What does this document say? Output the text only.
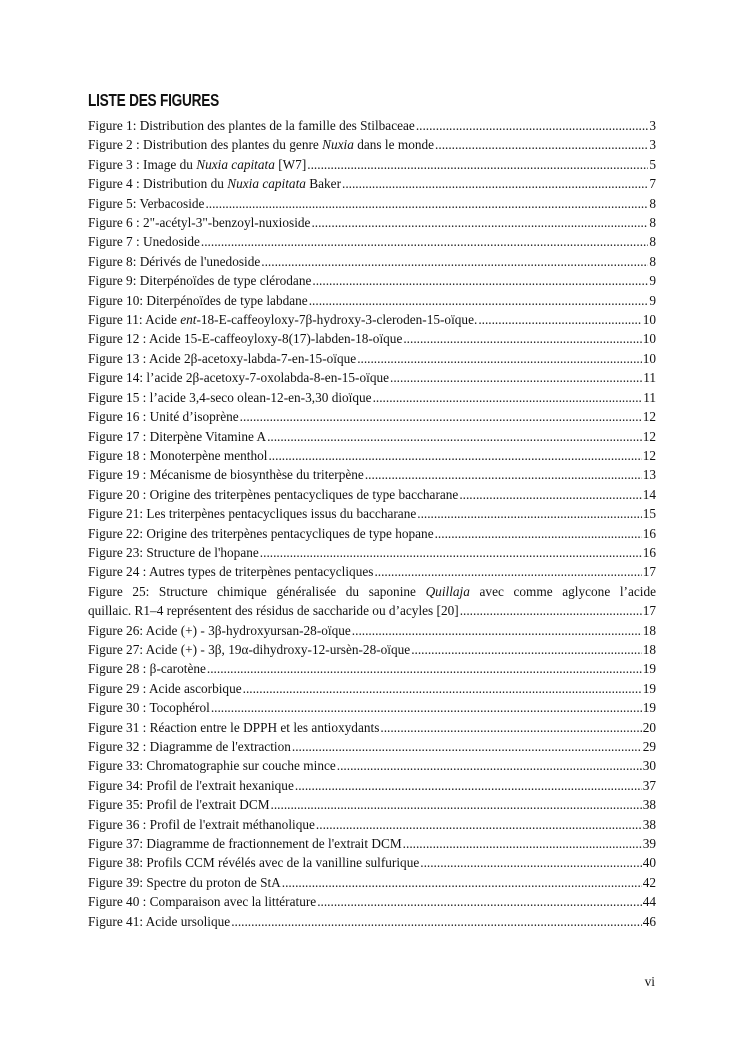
LISTE DES FIGURES
Figure 1: Distribution des plantes de la famille des Stilbaceae .....	3
Figure 2 : Distribution des plantes du genre Nuxia dans le monde .....	3
Figure 3 : Image du Nuxia capitata [W7] .....	5
Figure 4 : Distribution du Nuxia capitata Baker .....	7
Figure 5: Verbacoside .....	8
Figure 6 : 2"-acétyl-3"-benzoyl-nuxioside .....	8
Figure 7 : Unedoside .....	8
Figure 8: Dérivés de l'unedoside .....	8
Figure 9: Diterpénoïdes de type clérodane .....	9
Figure 10: Diterpénoïdes de type labdane .....	9
Figure 11: Acide ent-18-E-caffeoyloxy-7β-hydroxy-3-cleroden-15-oïque. .....	10
Figure 12 : Acide 15-E-caffeoyloxy-8(17)-labden-18-oïque .....	10
Figure 13 : Acide 2β-acetoxy-labda-7-en-15-oïque .....	10
Figure 14: l’acide 2β-acetoxy-7-oxolabda-8-en-15-oïque .....	11
Figure 15 : l’acide 3,4-seco olean-12-en-3,30 dioïque .....	11
Figure 16 : Unité d’isoprène .....	12
Figure 17 : Diterpène Vitamine A .....	12
Figure 18 : Monoterpène menthol .....	12
Figure 19 : Mécanisme de biosynthèse du triterpène .....	13
Figure 20 : Origine des triterpènes pentacycliques de type baccharane .....	14
Figure 21: Les triterpènes pentacycliques issus du baccharane .....	15
Figure 22: Origine des triterpènes pentacycliques de type hopane .....	16
Figure 23: Structure de l'hopane .....	16
Figure 24 : Autres types de triterpènes pentacycliques .....	17
Figure 25: Structure chimique généralisée du saponine Quillaja avec comme aglycone l’acide
quillaic. R1–4 représentent des résidus de saccharide ou d’acyles [20] .....	17
Figure 26: Acide (+) - 3β-hydroxyursan-28-oïque .....	18
Figure 27: Acide (+) - 3β, 19α-dihydroxy-12-ursèn-28-oïque .....	18
Figure 28 : β-carotène .....	19
Figure 29 : Acide ascorbique .....	19
Figure 30 : Tocophérol .....	19
Figure 31 : Réaction entre le DPPH et les antioxydants .....	20
Figure 32 : Diagramme de l'extraction .....	29
Figure 33: Chromatographie sur couche mince .....	30
Figure 34: Profil de l'extrait hexanique .....	37
Figure 35: Profil de l'extrait DCM .....	38
Figure 36 : Profil de l'extrait méthanolique .....	38
Figure 37: Diagramme de fractionnement de l'extrait DCM .....	39
Figure 38: Profils CCM révélés avec de la vanilline sulfurique .....	40
Figure 39: Spectre du proton de StA .....	42
Figure 40 : Comparaison avec la littérature .....	44
Figure 41: Acide ursolique .....	46
vi
